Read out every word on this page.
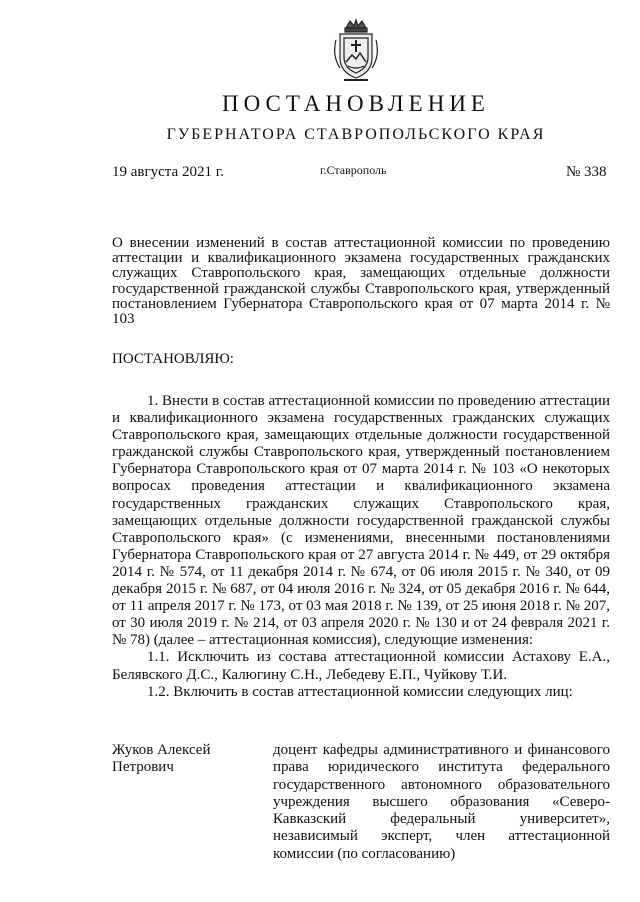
ПОСТАНОВЛЕНИЕ
ГУБЕРНАТОРА СТАВРОПОЛЬСКОГО КРАЯ
19 августа 2021 г.	г.Ставрополь	№ 338
О внесении изменений в состав аттестационной комиссии по проведению аттестации и квалификационного экзамена государственных гражданских служащих Ставропольского края, замещающих отдельные должности государственной гражданской службы Ставропольского края, утвержденный постановлением Губернатора Ставропольского края от 07 марта 2014 г. № 103
ПОСТАНОВЛЯЮ:

1. Внести в состав аттестационной комиссии по проведению аттестации и квалификационного экзамена государственных гражданских служащих Ставропольского края, замещающих отдельные должности государственной гражданской службы Ставропольского края, утвержденный постановлением Губернатора Ставропольского края от 07 марта 2014 г. № 103 «О некоторых вопросах проведения аттестации и квалификационного экзамена государственных гражданских служащих Ставропольского края, замещающих отдельные должности государственной гражданской службы Ставропольского края» (с изменениями, внесенными постановлениями Губернатора Ставропольского края от 27 августа 2014 г. № 449, от 29 октября 2014 г. № 574, от 11 декабря 2014 г. № 674, от 06 июля 2015 г. № 340, от 09 декабря 2015 г. № 687, от 04 июля 2016 г. № 324, от 05 декабря 2016 г. № 644, от 11 апреля 2017 г. № 173, от 03 мая 2018 г. № 139, от 25 июня 2018 г. № 207, от 30 июля 2019 г. № 214, от 03 апреля 2020 г. № 130 и от 24 февраля 2021 г. № 78) (далее – аттестационная комиссия), следующие изменения:

1.1. Исключить из состава аттестационной комиссии Астахову Е.А., Белявского Д.С., Калюгину С.Н., Лебедеву Е.П., Чуйкову Т.И.

1.2. Включить в состав аттестационной комиссии следующих лиц:

Жуков Алексей
Петрович
доцент кафедры административного и финансового права юридического института федерального государственного автономного образовательного учреждения высшего образования «Северо-Кавказский федеральный университет», независимый эксперт, член аттестационной комиссии (по согласованию)
